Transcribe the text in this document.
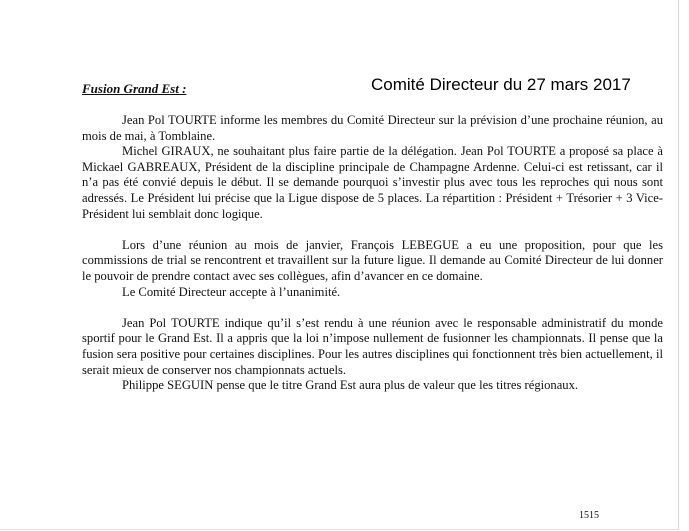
Fusion Grand Est :	Comité Directeur du 27 mars 2017

Jean Pol TOURTE informe les membres du Comité Directeur sur la prévision d’une prochaine réunion, au mois de mai, à Tomblaine.

Michel GIRAUX, ne souhaitant plus faire partie de la délégation. Jean Pol TOURTE a proposé sa place à Mickael GABREAUX, Président de la discipline principale de Champagne Ardenne. Celui-ci est retissant, car il n’a pas été convié depuis le début. Il se demande pourquoi s’investir plus avec tous les reproches qui nous sont adressés. Le Président lui précise que la Ligue dispose de 5 places. La répartition : Président + Trésorier + 3 Vice-Président lui semblait donc logique.

Lors d’une réunion au mois de janvier, François LEBEGUE a eu une proposition, pour que les commissions de trial se rencontrent et travaillent sur la future ligue. Il demande au Comité Directeur de lui donner le pouvoir de prendre contact avec ses collègues, afin d’avancer en ce domaine.

Le Comité Directeur accepte à l’unanimité.

Jean Pol TOURTE indique qu’il s’est rendu à une réunion avec le responsable administratif du monde sportif pour le Grand Est. Il a appris que la loi n’impose nullement de fusionner les championnats. Il pense que la fusion sera positive pour certaines disciplines. Pour les autres disciplines qui fonctionnent très bien actuellement, il serait mieux de conserver nos championnats actuels.

Philippe SEGUIN pense que le titre Grand Est aura plus de valeur que les titres régionaux.

1515
